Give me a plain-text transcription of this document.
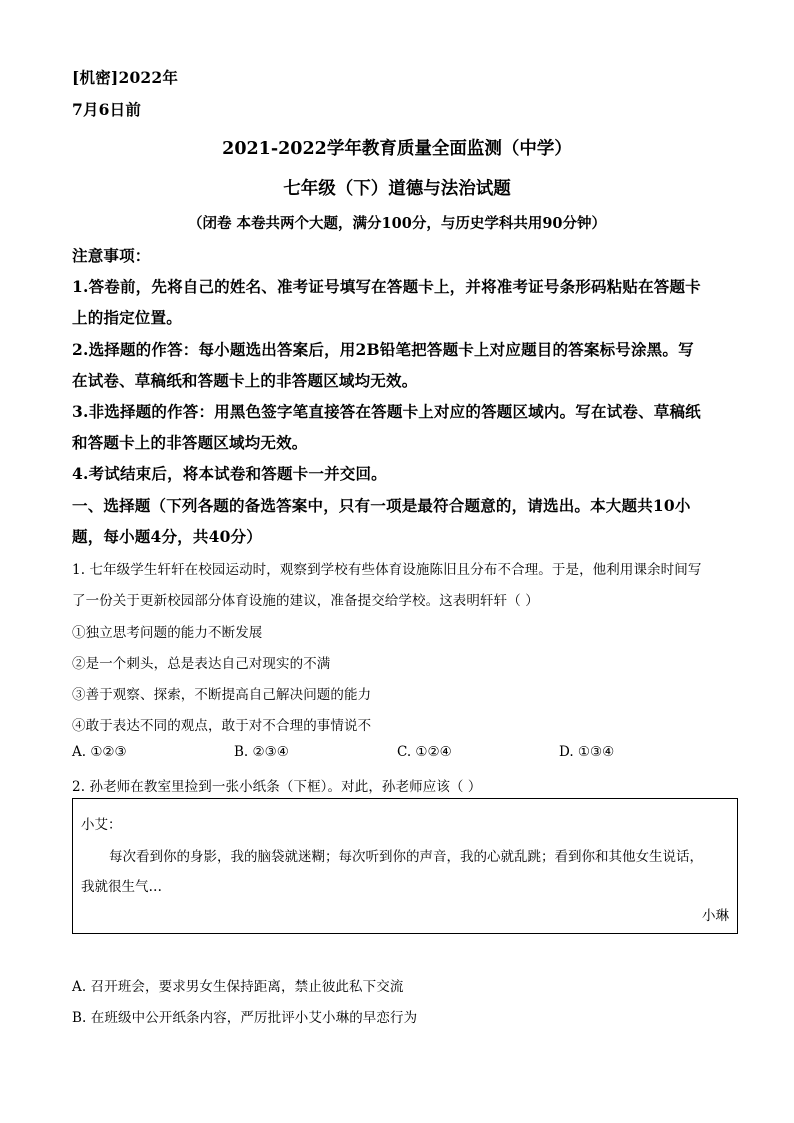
[机密]2022年
7月6日前
2021-2022学年教育质量全面监测（中学）
七年级（下）道德与法治试题
（闭卷 本卷共两个大题，满分100分，与历史学科共用90分钟）
注意事项：
1.答卷前，先将自己的姓名、准考证号填写在答题卡上，并将准考证号条形码粘贴在答题卡
上的指定位置。
2.选择题的作答：每小题选出答案后，用2B铅笔把答题卡上对应题目的答案标号涂黑。写
在试卷、草稿纸和答题卡上的非答题区域均无效。
3.非选择题的作答：用黑色签字笔直接答在答题卡上对应的答题区域内。写在试卷、草稿纸
和答题卡上的非答题区域均无效。
4.考试结束后，将本试卷和答题卡一并交回。
一、选择题（下列各题的备选答案中，只有一项是最符合题意的，请选出。本大题共10小
题，每小题4分，共40分）
1. 七年级学生轩轩在校园运动时，观察到学校有些体育设施陈旧且分布不合理。于是，他利用课余时间写
了一份关于更新校园部分体育设施的建议，准备提交给学校。这表明轩轩（ ）
①独立思考问题的能力不断发展
②是一个刺头，总是表达自己对现实的不满
③善于观察、探索，不断提高自己解决问题的能力
④敢于表达不同的观点，敢于对不合理的事情说不
A. ①②③	B. ②③④	C. ①②④	D. ①③④
2. 孙老师在教室里捡到一张小纸条（下框）。对此，孙老师应该（ ）
小艾：
每次看到你的身影，我的脑袋就迷糊；每次听到你的声音，我的心就乱跳；看到你和其他女生说话，
我就很生气…
小琳
A. 召开班会，要求男女生保持距离，禁止彼此私下交流
B. 在班级中公开纸条内容，严厉批评小艾小琳的早恋行为
